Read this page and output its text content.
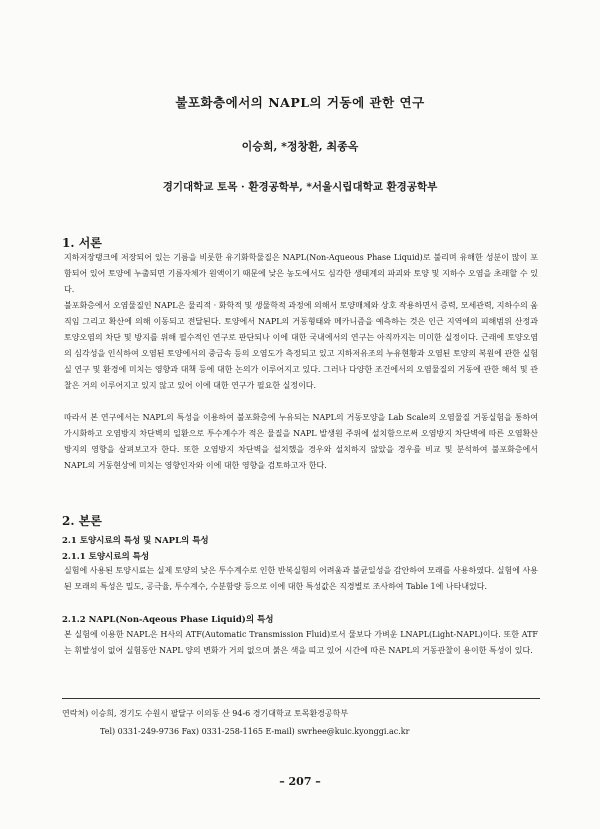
불포화층에서의 NAPL의 거동에 관한 연구
이승희, *정창환, 최종옥
경기대학교 토목 · 환경공학부, *서울시립대학교 환경공학부
1. 서론
지하저장탱크에 저장되어 있는 기름을 비롯한 유기화학물질은 NAPL(Non-Aqueous Phase Liquid)로 불리며 유해한 성분이 많이 포함되어 있어 토양에 누출되면 기름자체가 원액이기 때문에 낮은 농도에서도 심각한 생태계의 파괴와 토양 및 지하수 오염을 초래할 수 있다.
불포화층에서 오염물질인 NAPL은 물리적 · 화학적 및 생물학적 과정에 의해서 토양매체와 상호 작용하면서 증력, 모세관력, 지하수의 움직임 그리고 확산에 의해 이동되고 전달된다. 토양에서 NAPL의 거동형태와 메카니즘을 예측하는 것은 인근 지역에의 피해범위 산정과 토양오염의 차단 및 방지를 위해 필수적인 연구로 판단되나 이에 대한 국내에서의 연구는 아직까지는 미미한 실정이다. 근래에 토양오염의 심각성을 인식하여 오염된 토양에서의 중금속 등의 오염도가 측정되고 있고 지하저유조의 누유현황과 오염된 토양의 복원에 관한 실험실 연구 및 환경에 미치는 영향과 대책 등에 대한 논의가 이루어지고 있다. 그러나 다양한 조건에서의 오염물질의 거동에 관한 해석 및 관찰은 거의 이루어지고 있지 않고 있어 이에 대한 연구가 필요한 실정이다.
따라서 본 연구에서는 NAPL의 특성을 이용하여 불포화층에 누유되는 NAPL의 거동모양을 Lab Scale의 오염물질 거동실험을 통하여 가시화하고 오염방지 차단벽의 일환으로 투수계수가 적은 물질을 NAPL 발생원 주위에 설치함으로써 오염방지 차단벽에 따른 오염확산방지의 영향을 살펴보고자 한다. 또한 오염방지 차단벽을 설치했을 경우와 설치하지 않았을 경우를 비교 및 분석하여 불포화층에서 NAPL의 거동현상에 미치는 영향인자와 이에 대한 영향을 검토하고자 한다.
2. 본론
2.1 토양시료의 특성 및 NAPL의 특성
2.1.1 토양시료의 특성
실험에 사용된 토양시료는 실제 토양의 낮은 투수계수로 인한 반복실험의 어려움과 불균일성을 감안하여 모래를 사용하였다. 실험에 사용된 모래의 특성은 밀도, 공극율, 투수계수, 수분함량 등으로 이에 대한 특성값은 직경별로 조사하여 Table 1에 나타내었다.
2.1.2 NAPL(Non-Aqeous Phase Liquid)의 특성
본 실험에 이용한 NAPL은 H사의 ATF(Automatic Transmission Fluid)로서 물보다 가벼운 LNAPL(Light-NAPL)이다. 또한 ATF는 휘발성이 없어 실험동안 NAPL 양의 변화가 거의 없으며 붉은 색을 띠고 있어 시간에 따른 NAPL의 거동관찰이 용이한 특성이 있다.
연락처) 이승희, 경기도 수원시 팔달구 이의동 산 94-6 경기대학교 토목환경공학부
Tel) 0331-249-9736 Fax) 0331-258-1165 E-mail) swrhee@kuic.kyonggi.ac.kr
– 207 –
